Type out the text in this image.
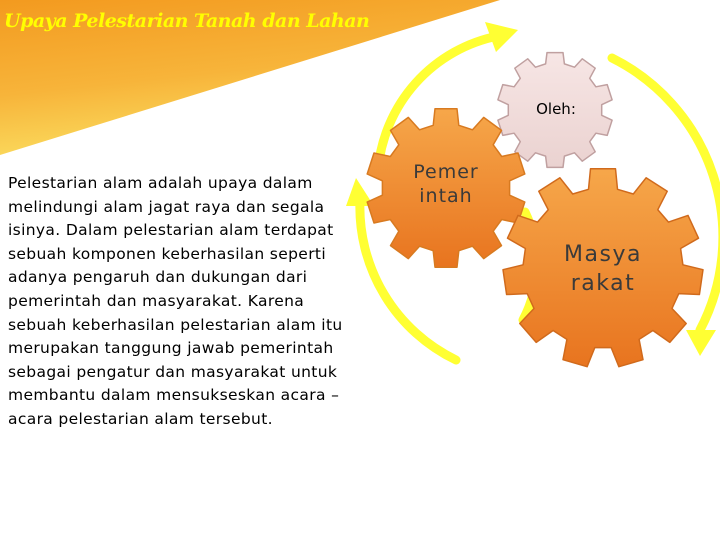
Upaya Pelestarian Tanah dan Lahan
Pelestarian alam adalah upaya dalam melindungi alam jagat raya dan segala isinya. Dalam pelestarian alam terdapat sebuah komponen keberhasilan seperti adanya pengaruh dan dukungan dari pemerintah dan masyarakat. Karena sebuah keberhasilan pelestarian alam itu merupakan tanggung jawab pemerintah sebagai pengatur dan masyarakat untuk membantu dalam mensukseskan acara – acara pelestarian alam tersebut.
Oleh:
Pemer intah
Masya rakat
